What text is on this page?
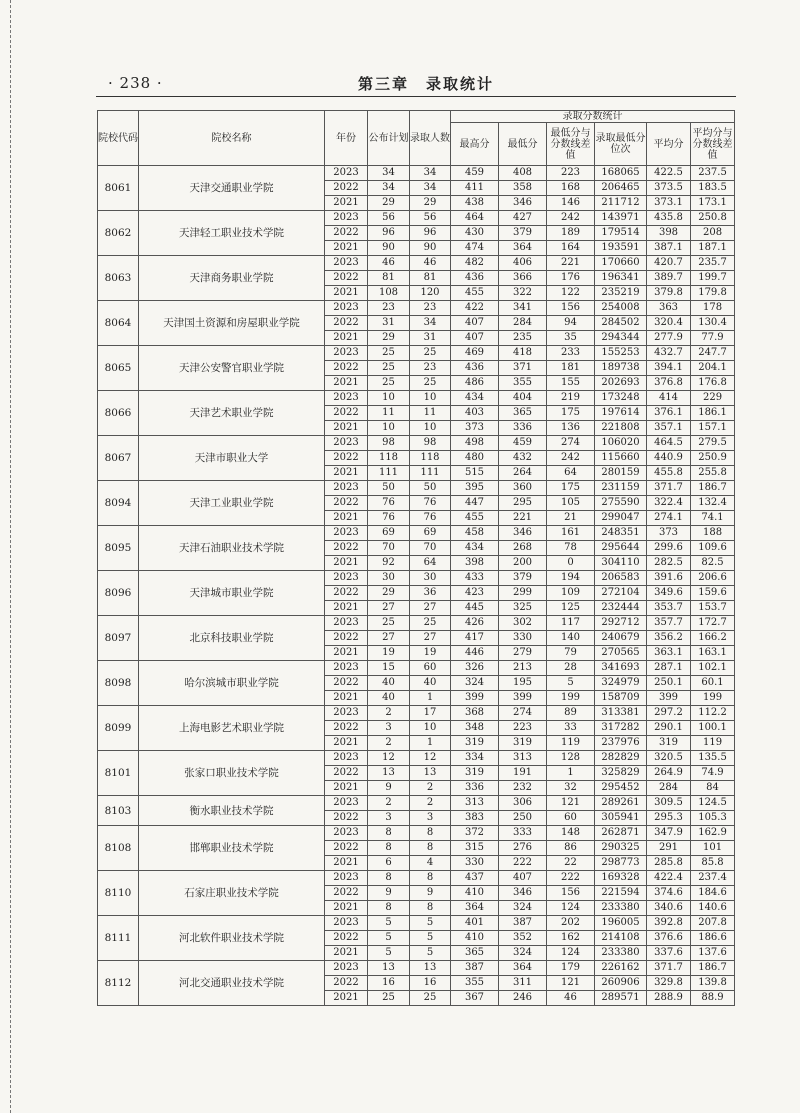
· 238 ·	第三章　录取统计
院校代码	院校名称	年份	公布计划	录取人数	录取分数统计					
					最高分	最低分	最低分与分数线差值	录取最低分位次	平均分	平均分与分数线差值
8061	天津交通职业学院	2023	34	34	459	408	223	168065	422.5	237.5
		2022	34	34	411	358	168	206465	373.5	183.5
		2021	29	29	438	346	146	211712	373.1	173.1
8062	天津轻工职业技术学院	2023	56	56	464	427	242	143971	435.8	250.8
		2022	96	96	430	379	189	179514	398	208
		2021	90	90	474	364	164	193591	387.1	187.1
8063	天津商务职业学院	2023	46	46	482	406	221	170660	420.7	235.7
		2022	81	81	436	366	176	196341	389.7	199.7
		2021	108	120	455	322	122	235219	379.8	179.8
8064	天津国土资源和房屋职业学院	2023	23	23	422	341	156	254008	363	178
		2022	31	34	407	284	94	284502	320.4	130.4
		2021	29	31	407	235	35	294344	277.9	77.9
8065	天津公安警官职业学院	2023	25	25	469	418	233	155253	432.7	247.7
		2022	25	23	436	371	181	189738	394.1	204.1
		2021	25	25	486	355	155	202693	376.8	176.8
8066	天津艺术职业学院	2023	10	10	434	404	219	173248	414	229
		2022	11	11	403	365	175	197614	376.1	186.1
		2021	10	10	373	336	136	221808	357.1	157.1
8067	天津市职业大学	2023	98	98	498	459	274	106020	464.5	279.5
		2022	118	118	480	432	242	115660	440.9	250.9
		2021	111	111	515	264	64	280159	455.8	255.8
8094	天津工业职业学院	2023	50	50	395	360	175	231159	371.7	186.7
		2022	76	76	447	295	105	275590	322.4	132.4
		2021	76	76	455	221	21	299047	274.1	74.1
8095	天津石油职业技术学院	2023	69	69	458	346	161	248351	373	188
		2022	70	70	434	268	78	295644	299.6	109.6
		2021	92	64	398	200	0	304110	282.5	82.5
8096	天津城市职业学院	2023	30	30	433	379	194	206583	391.6	206.6
		2022	29	36	423	299	109	272104	349.6	159.6
		2021	27	27	445	325	125	232444	353.7	153.7
8097	北京科技职业学院	2023	25	25	426	302	117	292712	357.7	172.7
		2022	27	27	417	330	140	240679	356.2	166.2
		2021	19	19	446	279	79	270565	363.1	163.1
8098	哈尔滨城市职业学院	2023	15	60	326	213	28	341693	287.1	102.1
		2022	40	40	324	195	5	324979	250.1	60.1
		2021	40	1	399	399	199	158709	399	199
8099	上海电影艺术职业学院	2023	2	17	368	274	89	313381	297.2	112.2
		2022	3	10	348	223	33	317282	290.1	100.1
		2021	2	1	319	319	119	237976	319	119
8101	张家口职业技术学院	2023	12	12	334	313	128	282829	320.5	135.5
		2022	13	13	319	191	1	325829	264.9	74.9
		2021	9	2	336	232	32	295452	284	84
8103	衡水职业技术学院	2023	2	2	313	306	121	289261	309.5	124.5
		2022	3	3	383	250	60	305941	295.3	105.3
8108	邯郸职业技术学院	2023	8	8	372	333	148	262871	347.9	162.9
		2022	8	8	315	276	86	290325	291	101
		2021	6	4	330	222	22	298773	285.8	85.8
8110	石家庄职业技术学院	2023	8	8	437	407	222	169328	422.4	237.4
		2022	9	9	410	346	156	221594	374.6	184.6
		2021	8	8	364	324	124	233380	340.6	140.6
8111	河北软件职业技术学院	2023	5	5	401	387	202	196005	392.8	207.8
		2022	5	5	410	352	162	214108	376.6	186.6
		2021	5	5	365	324	124	233380	337.6	137.6
8112	河北交通职业技术学院	2023	13	13	387	364	179	226162	371.7	186.7
		2022	16	16	355	311	121	260906	329.8	139.8
		2021	25	25	367	246	46	289571	288.9	88.9
